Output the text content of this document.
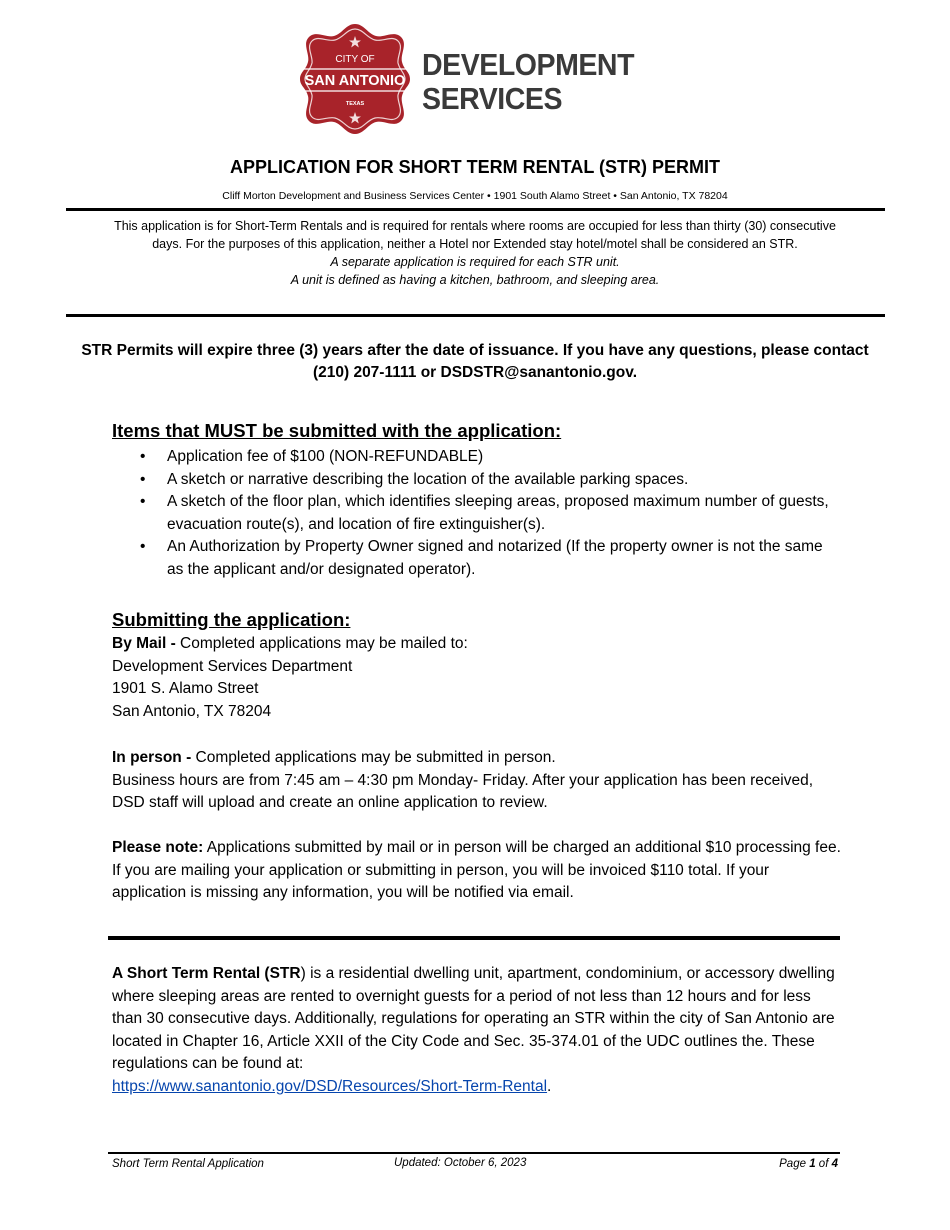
CITY OF
SAN ANTONIO
TEXAS
DEVELOPMENT
SERVICES
APPLICATION FOR SHORT TERM RENTAL (STR) PERMIT
Cliff Morton Development and Business Services Center • 1901 South Alamo Street • San Antonio, TX 78204
This application is for Short-Term Rentals and is required for rentals where rooms are occupied for less than thirty (30) consecutive days. For the purposes of this application, neither a Hotel nor Extended stay hotel/motel shall be considered an STR.
A separate application is required for each STR unit.
A unit is defined as having a kitchen, bathroom, and sleeping area.
STR Permits will expire three (3) years after the date of issuance. If you have any questions, please contact (210) 207-1111 or DSDSTR@sanantonio.gov.
Items that MUST be submitted with the application:
• Application fee of $100 (NON-REFUNDABLE)
• A sketch or narrative describing the location of the available parking spaces.
• A sketch of the floor plan, which identifies sleeping areas, proposed maximum number of guests, evacuation route(s), and location of fire extinguisher(s).
• An Authorization by Property Owner signed and notarized (If the property owner is not the same as the applicant and/or designated operator).
Submitting the application:
By Mail - Completed applications may be mailed to:
Development Services Department
1901 S. Alamo Street
San Antonio, TX 78204
In person - Completed applications may be submitted in person.
Business hours are from 7:45 am – 4:30 pm Monday- Friday. After your application has been received, DSD staff will upload and create an online application to review.
Please note: Applications submitted by mail or in person will be charged an additional $10 processing fee. If you are mailing your application or submitting in person, you will be invoiced $110 total. If your application is missing any information, you will be notified via email.
A Short Term Rental (STR) is a residential dwelling unit, apartment, condominium, or accessory dwelling where sleeping areas are rented to overnight guests for a period of not less than 12 hours and for less than 30 consecutive days. Additionally, regulations for operating an STR within the city of San Antonio are located in Chapter 16, Article XXII of the City Code and Sec. 35-374.01 of the UDC outlines the. These regulations can be found at:
https://www.sanantonio.gov/DSD/Resources/Short-Term-Rental.
Short Term Rental Application	Updated: October 6, 2023	Page 1 of 4
